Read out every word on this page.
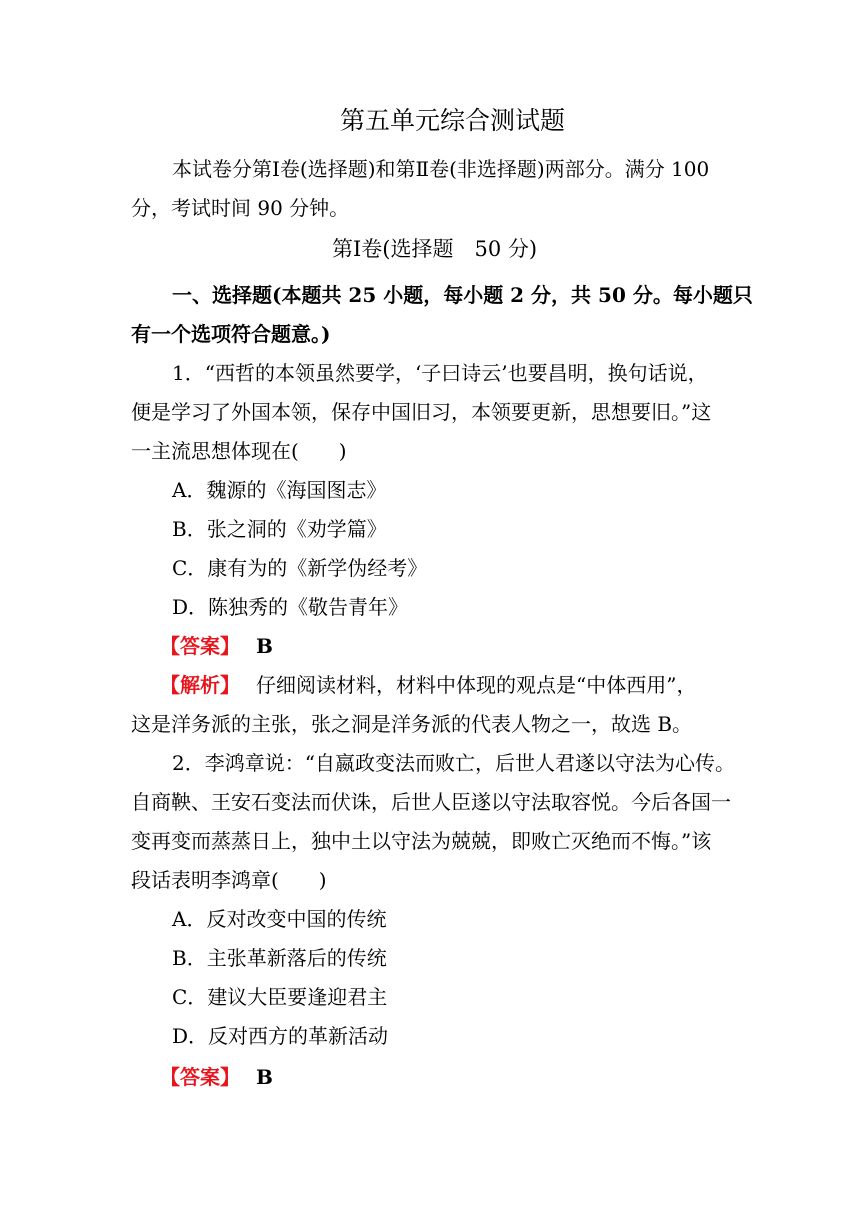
第五单元综合测试题
本试卷分第Ⅰ卷(选择题)和第Ⅱ卷(非选择题)两部分。满分 100
分，考试时间 90 分钟。
第Ⅰ卷(选择题　50 分)
一、选择题(本题共 25 小题，每小题 2 分，共 50 分。每小题只
有一个选项符合题意。)
1．“西哲的本领虽然要学，‘子曰诗云’也要昌明，换句话说，
便是学习了外国本领，保存中国旧习，本领要更新，思想要旧。”这
一主流思想体现在(　　)
A．魏源的《海国图志》
B．张之洞的《劝学篇》
C．康有为的《新学伪经考》
D．陈独秀的《敬告青年》
【答案】 B
【解析】 仔细阅读材料，材料中体现的观点是“中体西用”，
这是洋务派的主张，张之洞是洋务派的代表人物之一，故选 B。
2．李鸿章说：“自嬴政变法而败亡，后世人君遂以守法为心传。
自商鞅、王安石变法而伏诛，后世人臣遂以守法取容悦。今后各国一
变再变而蒸蒸日上，独中土以守法为兢兢，即败亡灭绝而不悔。”该
段话表明李鸿章(　　)
A．反对改变中国的传统
B．主张革新落后的传统
C．建议大臣要逢迎君主
D．反对西方的革新活动
【答案】 B
